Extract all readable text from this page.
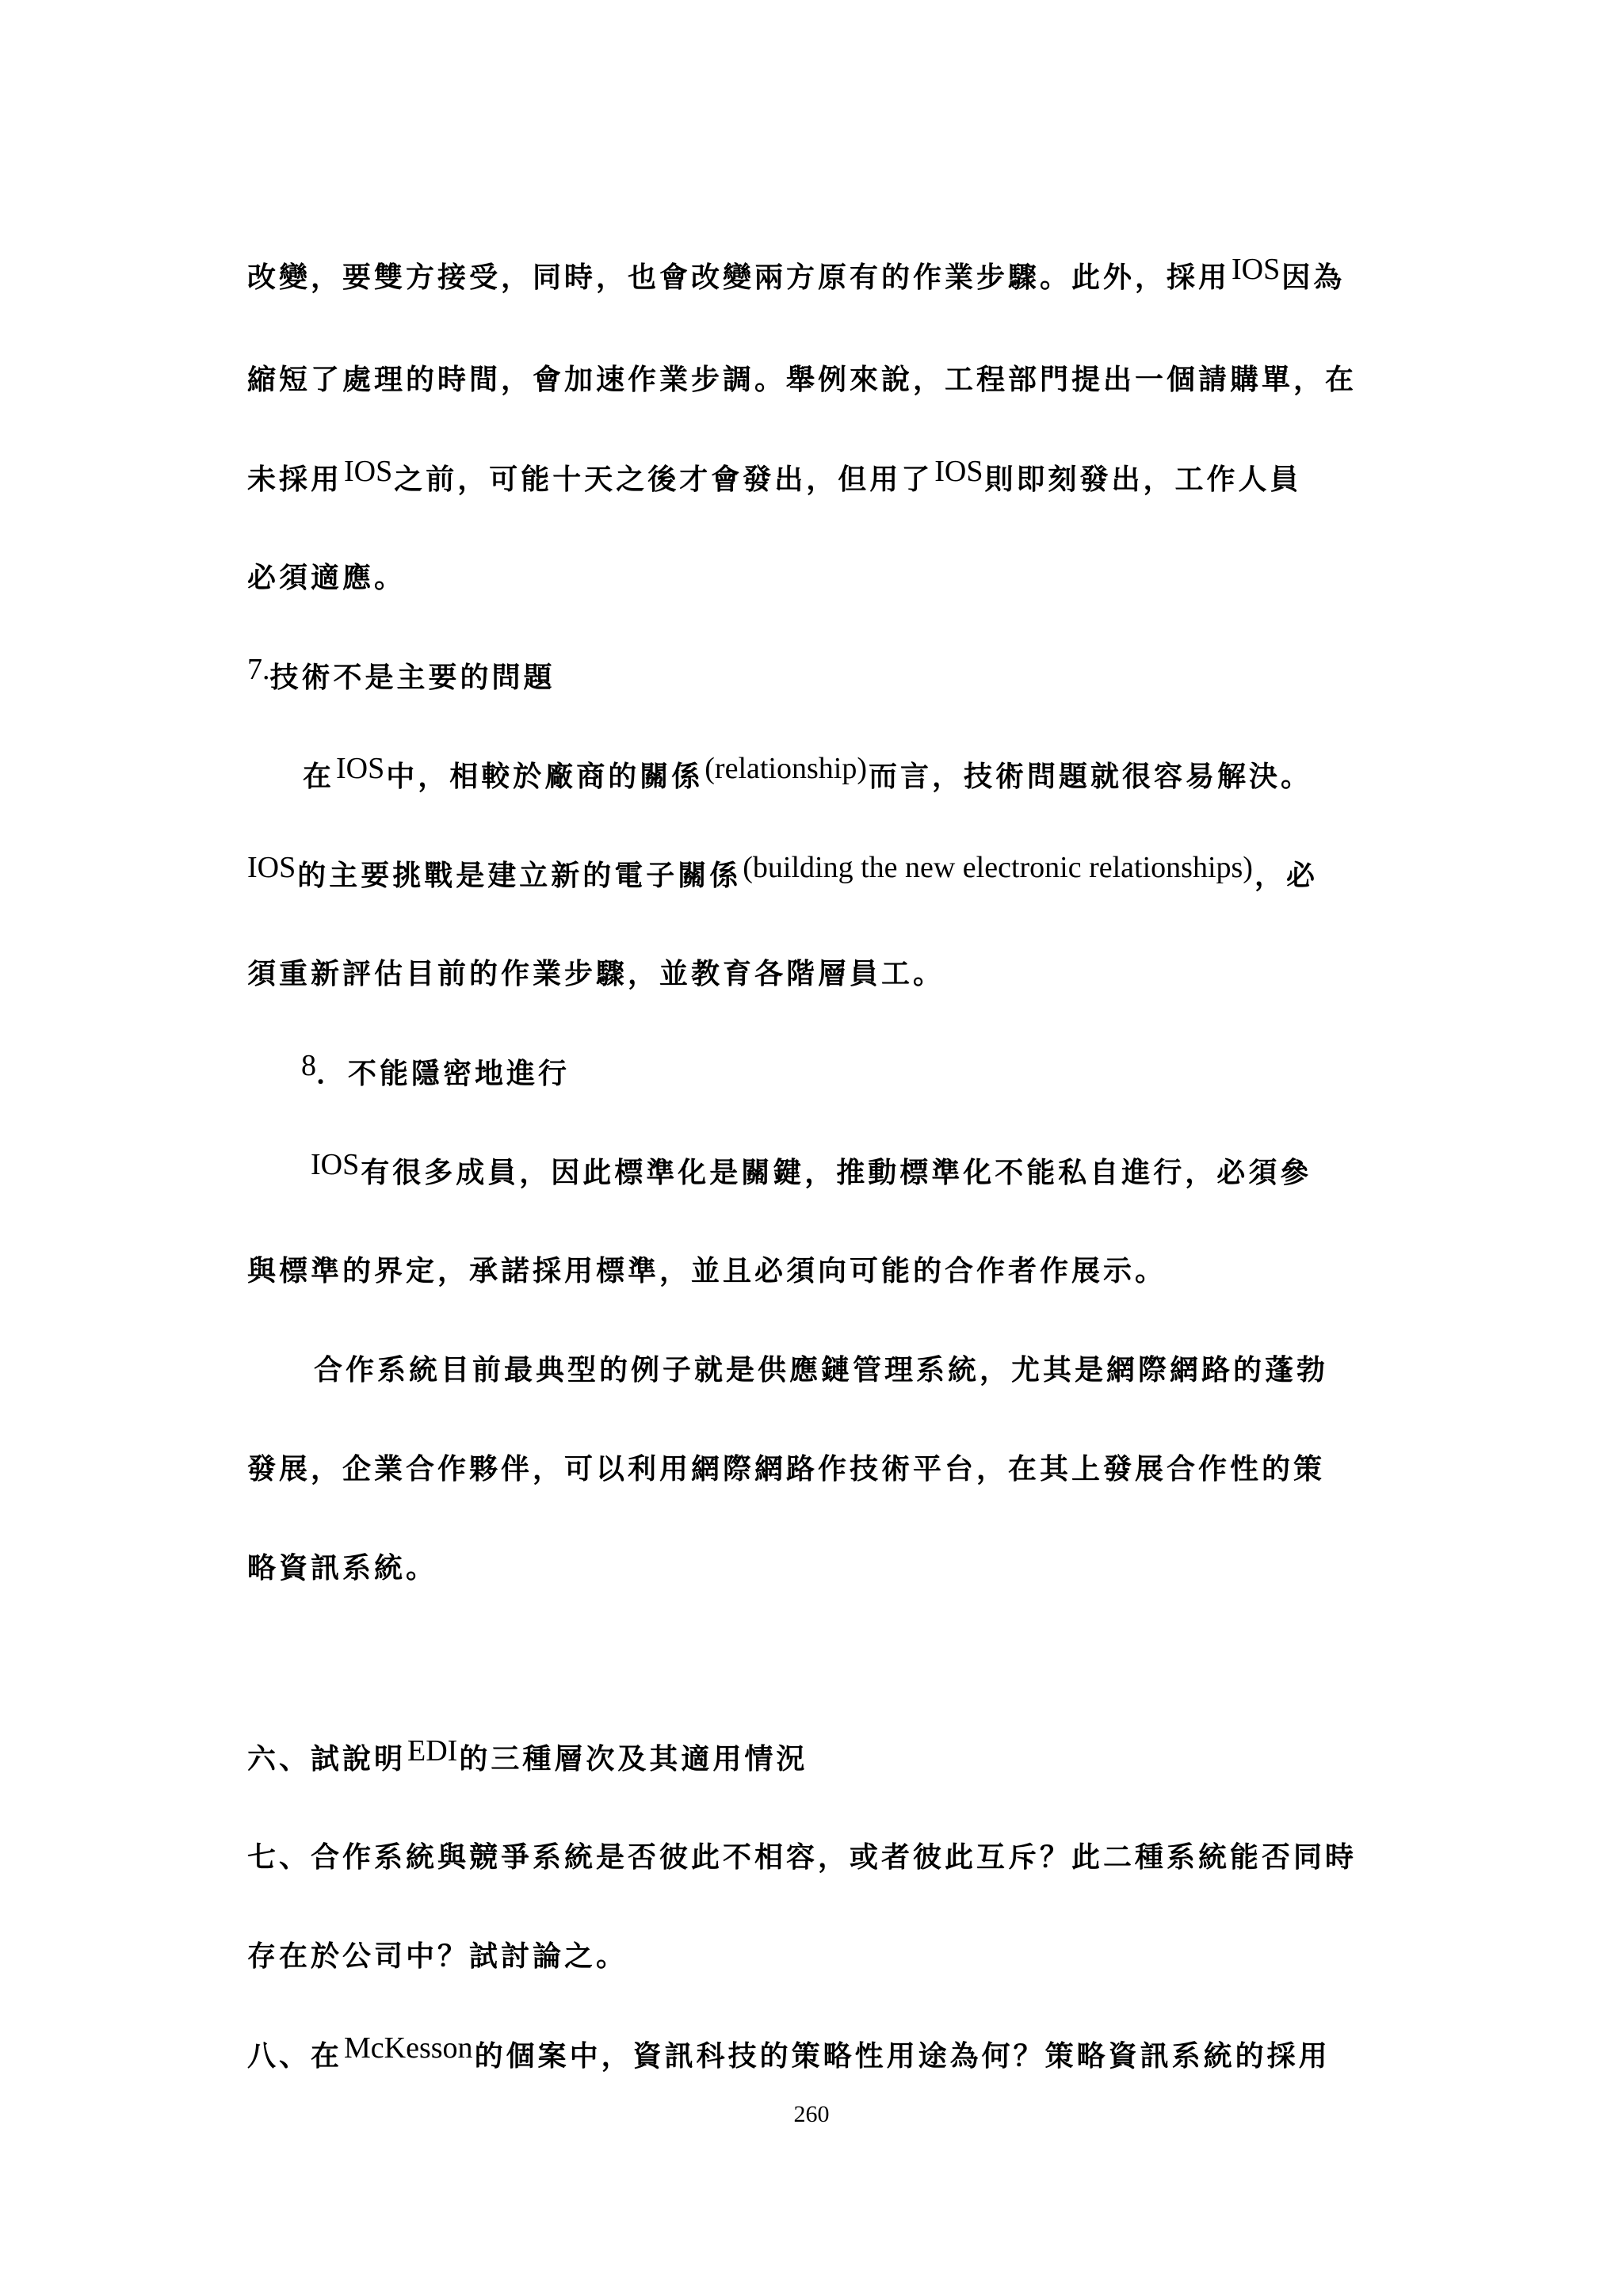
改變，要雙方接受，同時，也會改變兩方原有的作業步驟。此外，採用IOS因為
縮短了處理的時間，會加速作業步調。舉例來說，工程部門提出一個請購單，在
未採用IOS之前，可能十天之後才會發出，但用了IOS則即刻發出，工作人員
必須適應。
7.技術不是主要的問題
在IOS中，相較於廠商的關係(relationship)而言，技術問題就很容易解決。
IOS的主要挑戰是建立新的電子關係(building the new electronic relationships)，必
須重新評估目前的作業步驟，並教育各階層員工。
8．不能隱密地進行
IOS有很多成員，因此標準化是關鍵，推動標準化不能私自進行，必須參
與標準的界定，承諾採用標準，並且必須向可能的合作者作展示。
合作系統目前最典型的例子就是供應鏈管理系統，尤其是網際網路的蓬勃
發展，企業合作夥伴，可以利用網際網路作技術平台，在其上發展合作性的策
略資訊系統。
六、試說明EDI的三種層次及其適用情況
七、合作系統與競爭系統是否彼此不相容，或者彼此互斥？此二種系統能否同時
存在於公司中？試討論之。
八、在McKesson的個案中，資訊科技的策略性用途為何？策略資訊系統的採用
260
